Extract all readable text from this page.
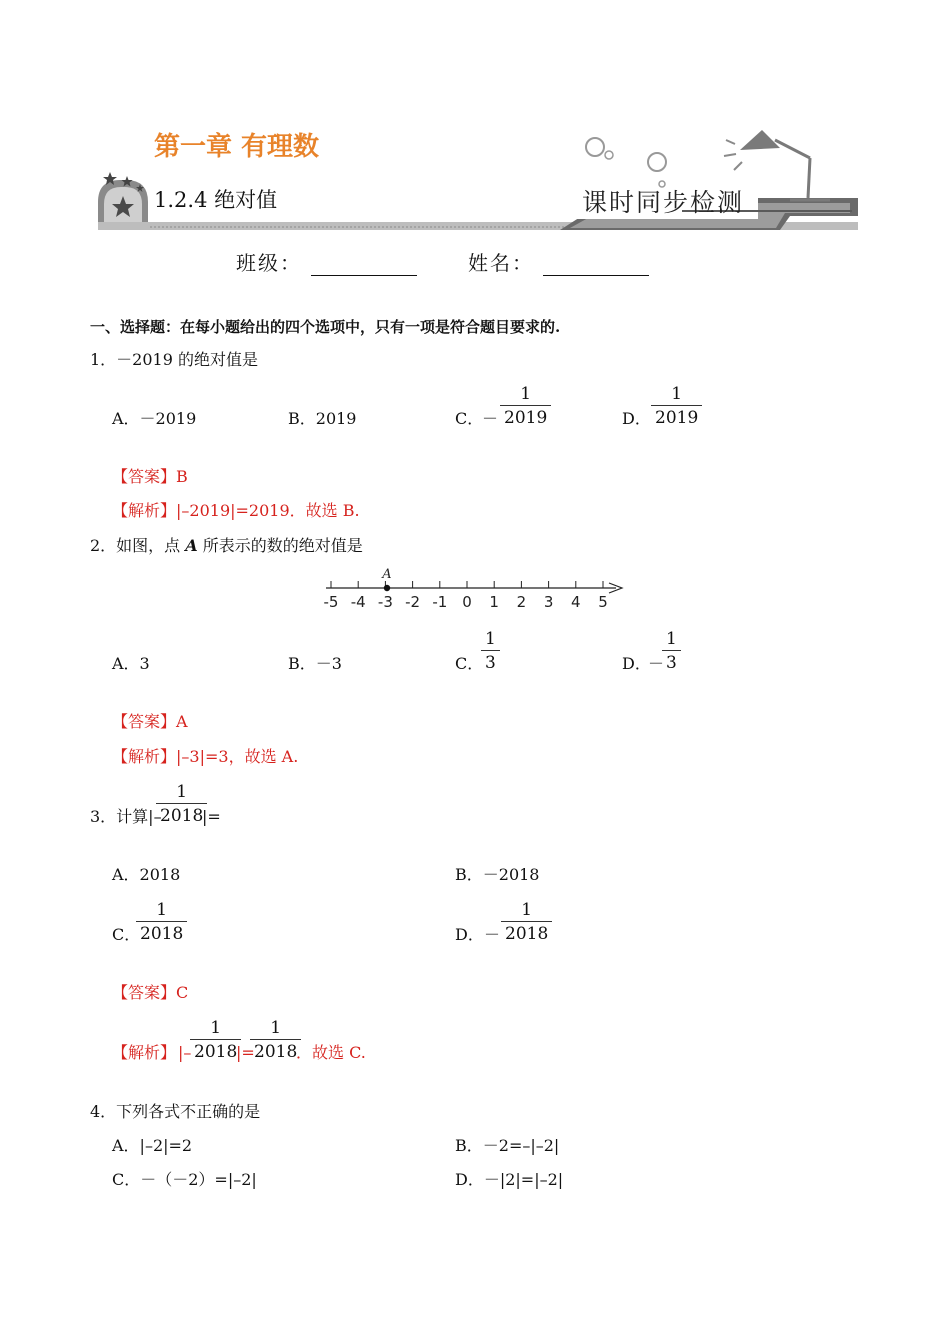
第一章 有理数
1.2.4 绝对值	课时同步检测
班级：	姓名：
一、选择题：在每小题给出的四个选项中，只有一项是符合题目要求的.
1．－2019 的绝对值是
A．－2019	B．2019	C．
－ $\frac{1}{2019}$	D． $\frac{1}{2019}$
【答案】B
【解析】|–2019|=2019．故选 B.
2．如图，点 A 所表示的数的绝对值是
-5 -4 -3 -2 -1 0 1 2 3 4 5
A
A．3	B．－3	C．
$\frac{1}{3}$	D．
－
$\frac{1}{3}$
【答案】A
【解析】|–3|=3，故选 A.
3．计算|–
$\frac{1}{2018}$
|=
A．2018	B．－2018
C．
$\frac{1}{2018}$	D． － $\frac{1}{2018}$
【答案】C
【解析】 |–
$\frac{1}{2018}$
|=
$\frac{1}{2018}$
．故选 C.
4．下列各式不正确的是
A．|–2|=2	B．－2=–|–2|
C．－（－2）=|–2|	D．－|2|=|–2|
